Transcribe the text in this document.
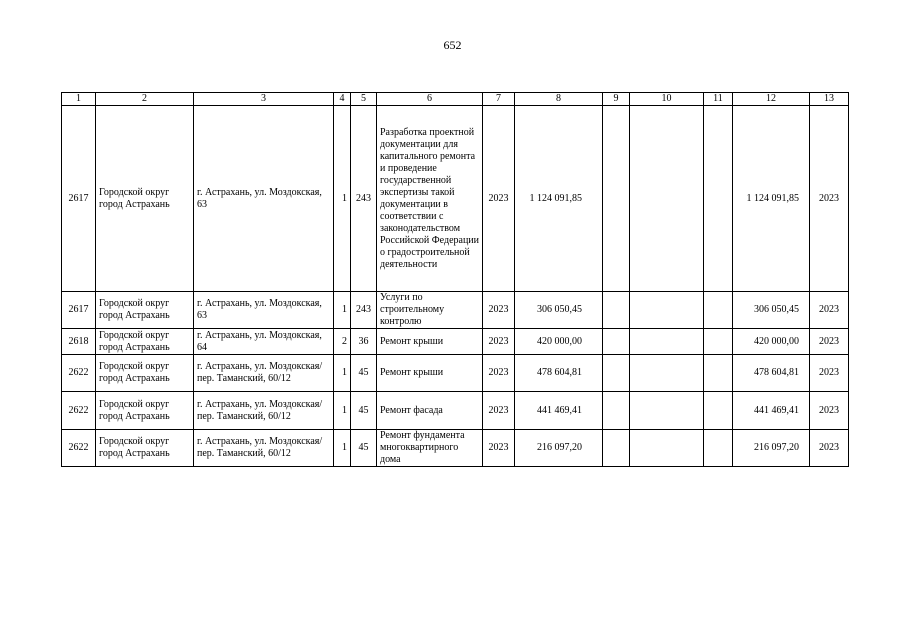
652
1	2	3	4	5	6	7	8	9	10	11	12	13
2617	Городской округ город Астрахань	г. Астрахань, ул. Моздокская, 63	1	243	Разработка проектной документации для капитального ремонта и проведение государственной экспертизы такой документации в соответствии с законодательством Российской Федерации о градостроительной деятельности	2023	1 124 091,85				1 124 091,85	2023
2617	Городской округ город Астрахань	г. Астрахань, ул. Моздокская, 63	1	243	Услуги по строительному контролю	2023	306 050,45				306 050,45	2023
2618	Городской округ город Астрахань	г. Астрахань, ул. Моздокская, 64	2	36	Ремонт крыши	2023	420 000,00				420 000,00	2023
2622	Городской округ город Астрахань	г. Астрахань, ул. Моздокская/ пер. Таманский, 60/12	1	45	Ремонт крыши	2023	478 604,81				478 604,81	2023
2622	Городской округ город Астрахань	г. Астрахань, ул. Моздокская/ пер. Таманский, 60/12	1	45	Ремонт фасада	2023	441 469,41				441 469,41	2023
2622	Городской округ город Астрахань	г. Астрахань, ул. Моздокская/ пер. Таманский, 60/12	1	45	Ремонт фундамента многоквартирного дома	2023	216 097,20				216 097,20	2023
